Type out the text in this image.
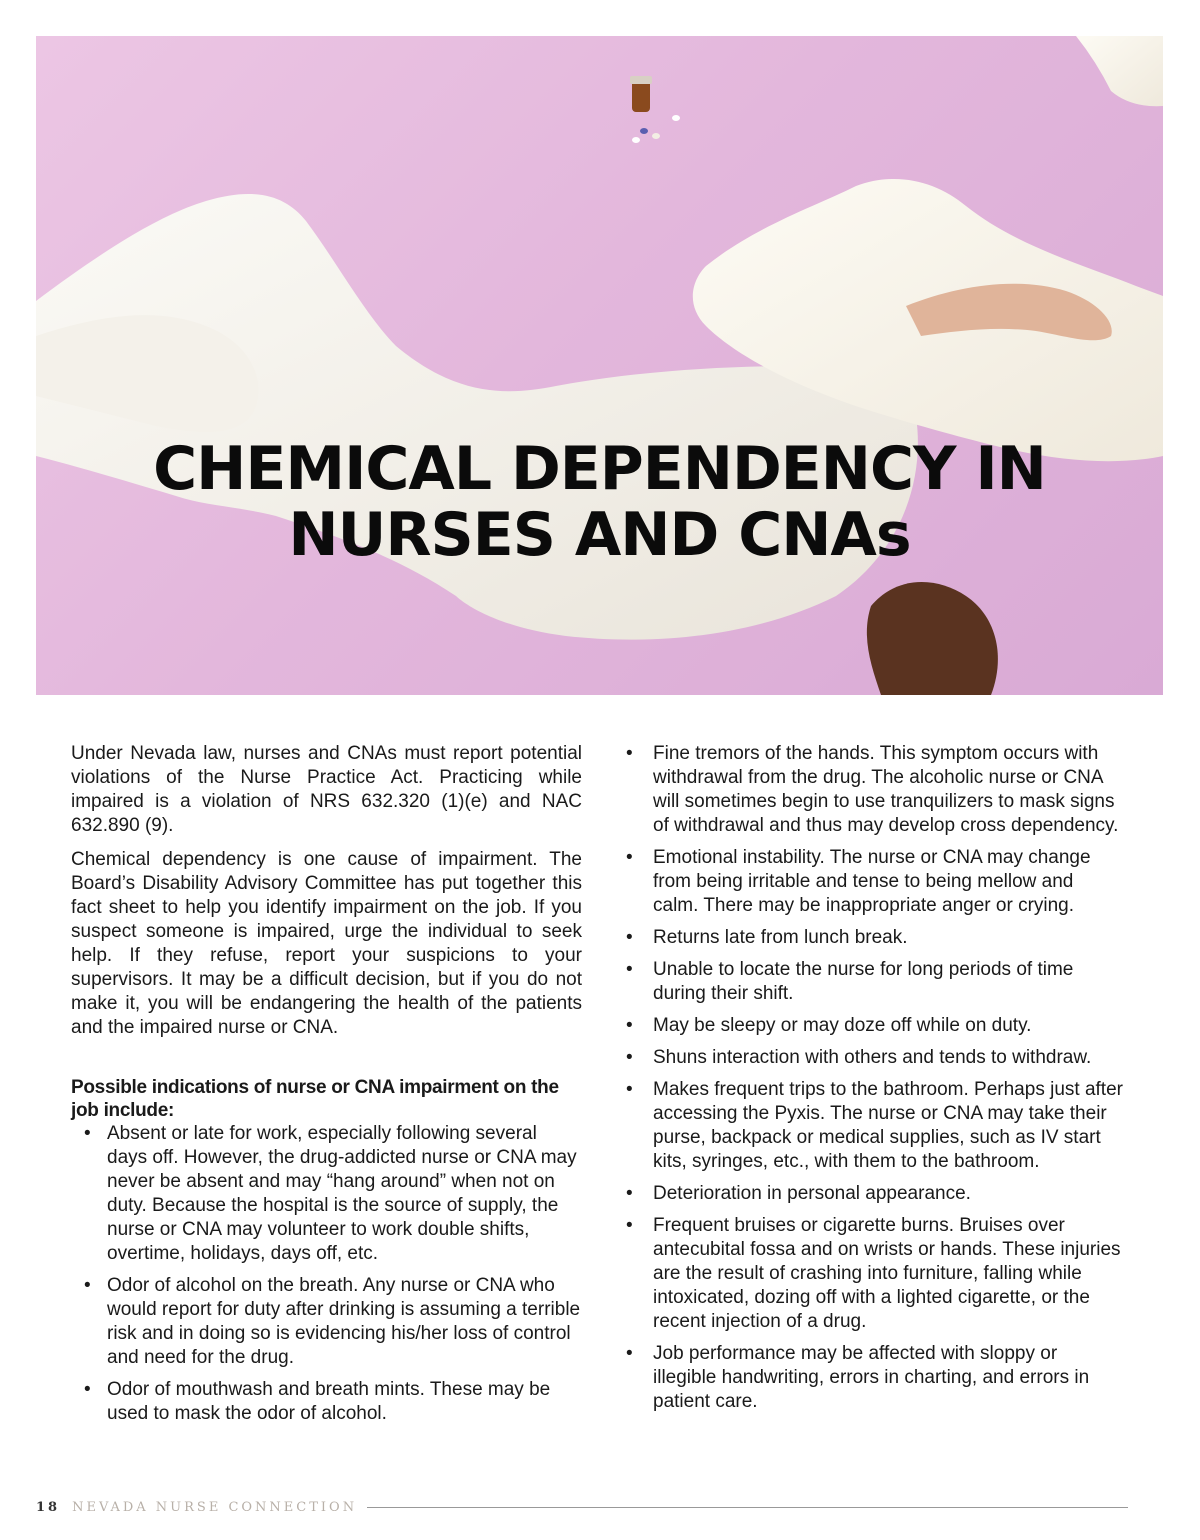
CHEMICAL DEPENDENCY IN
NURSES AND CNAs

Under Nevada law, nurses and CNAs must report potential violations of the Nurse Practice Act. Practicing while impaired is a violation of NRS 632.320 (1)(e) and NAC 632.890 (9).

Chemical dependency is one cause of impairment. The Board’s Disability Advisory Committee has put together this fact sheet to help you identify impairment on the job. If you suspect someone is impaired, urge the individual to seek help. If they refuse, report your suspicions to your supervisors. It may be a difficult decision, but if you do not make it, you will be endangering the health of the patients and the impaired nurse or CNA.

Possible indications of nurse or CNA impairment on the job include:
• Absent or late for work, especially following several days off. However, the drug-addicted nurse or CNA may never be absent and may “hang around” when not on duty. Because the hospital is the source of supply, the nurse or CNA may volunteer to work double shifts, overtime, holidays, days off, etc.
• Odor of alcohol on the breath. Any nurse or CNA who would report for duty after drinking is assuming a terrible risk and in doing so is evidencing his/her loss of control and need for the drug.
• Odor of mouthwash and breath mints. These may be used to mask the odor of alcohol.
• Fine tremors of the hands. This symptom occurs with withdrawal from the drug. The alcoholic nurse or CNA will sometimes begin to use tranquilizers to mask signs of withdrawal and thus may develop cross dependency.
• Emotional instability. The nurse or CNA may change from being irritable and tense to being mellow and calm. There may be inappropriate anger or crying.
• Returns late from lunch break.
• Unable to locate the nurse for long periods of time during their shift.
• May be sleepy or may doze off while on duty.
• Shuns interaction with others and tends to withdraw.
• Makes frequent trips to the bathroom. Perhaps just after accessing the Pyxis. The nurse or CNA may take their purse, backpack or medical supplies, such as IV start kits, syringes, etc., with them to the bathroom.
• Deterioration in personal appearance.
• Frequent bruises or cigarette burns. Bruises over antecubital fossa and on wrists or hands. These injuries are the result of crashing into furniture, falling while intoxicated, dozing off with a lighted cigarette, or the recent injection of a drug.
• Job performance may be affected with sloppy or illegible handwriting, errors in charting, and errors in patient care.
18 NEVADA NURSE CONNECTION
